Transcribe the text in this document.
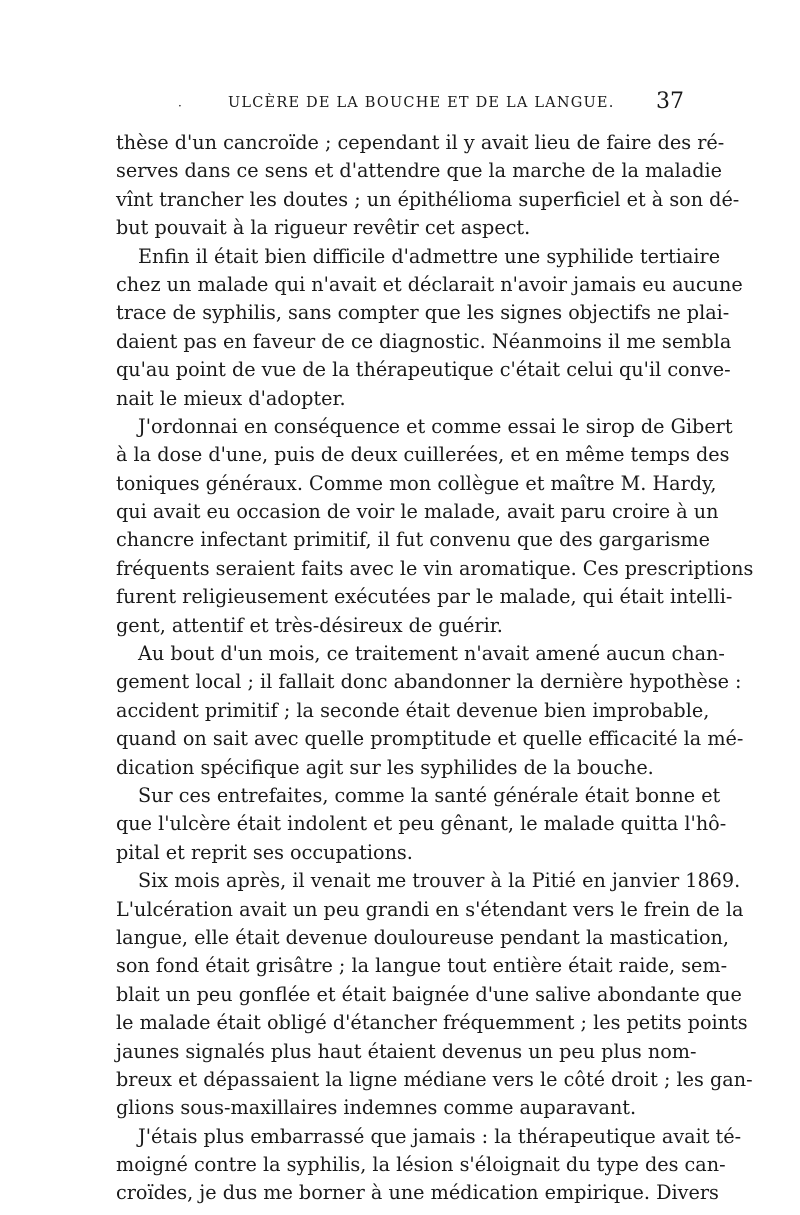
·	ULCÈRE DE LA BOUCHE ET DE LA LANGUE. 37
thèse d'un cancroïde ; cependant il y avait lieu de faire des ré-
serves dans ce sens et d'attendre que la marche de la maladie
vînt trancher les doutes ; un épithélioma superficiel et à son dé-
but pouvait à la rigueur revêtir cet aspect.
Enfin il était bien difficile d'admettre une syphilide tertiaire
chez un malade qui n'avait et déclarait n'avoir jamais eu aucune
trace de syphilis, sans compter que les signes objectifs ne plai-
daient pas en faveur de ce diagnostic. Néanmoins il me sembla
qu'au point de vue de la thérapeutique c'était celui qu'il conve-
nait le mieux d'adopter.
J'ordonnai en conséquence et comme essai le sirop de Gibert
à la dose d'une, puis de deux cuillerées, et en même temps des
toniques généraux. Comme mon collègue et maître M. Hardy,
qui avait eu occasion de voir le malade, avait paru croire à un
chancre infectant primitif, il fut convenu que des gargarisme
fréquents seraient faits avec le vin aromatique. Ces prescriptions
furent religieusement exécutées par le malade, qui était intelli-
gent, attentif et très-désireux de guérir.
Au bout d'un mois, ce traitement n'avait amené aucun chan-
gement local ; il fallait donc abandonner la dernière hypothèse :
accident primitif ; la seconde était devenue bien improbable,
quand on sait avec quelle promptitude et quelle efficacité la mé-
dication spécifique agit sur les syphilides de la bouche.
Sur ces entrefaites, comme la santé générale était bonne et
que l'ulcère était indolent et peu gênant, le malade quitta l'hô-
pital et reprit ses occupations.
Six mois après, il venait me trouver à la Pitié en janvier 1869.
L'ulcération avait un peu grandi en s'étendant vers le frein de la
langue, elle était devenue douloureuse pendant la mastication,
son fond était grisâtre ; la langue tout entière était raide, sem-
blait un peu gonflée et était baignée d'une salive abondante que
le malade était obligé d'étancher fréquemment ; les petits points
jaunes signalés plus haut étaient devenus un peu plus nom-
breux et dépassaient la ligne médiane vers le côté droit ; les gan-
glions sous-maxillaires indemnes comme auparavant.
J'étais plus embarrassé que jamais : la thérapeutique avait té-
moigné contre la syphilis, la lésion s'éloignait du type des can-
croïdes, je dus me borner à une médication empirique. Divers
